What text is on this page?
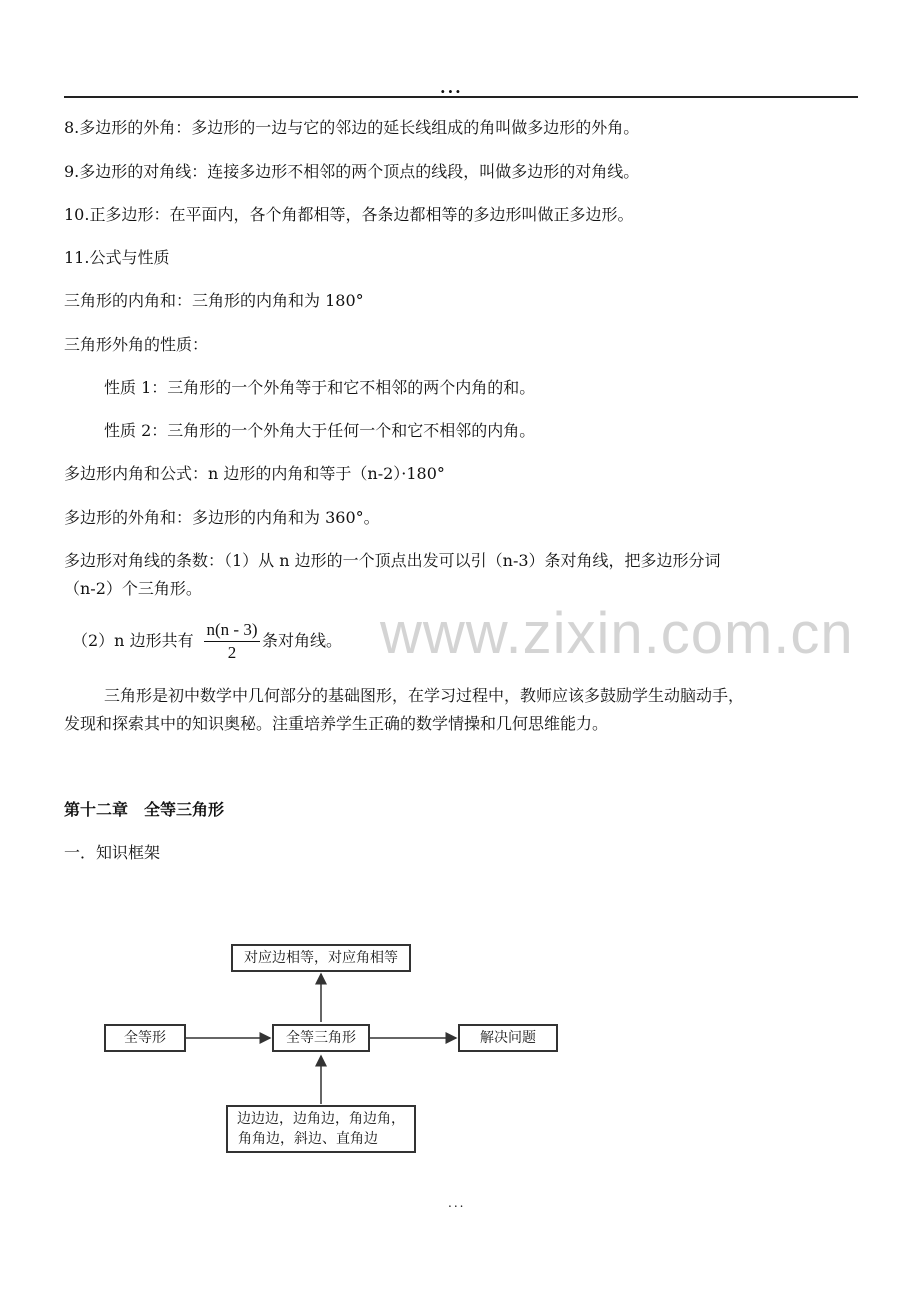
...
www.zixin.com.cn
8.多边形的外角：多边形的一边与它的邻边的延长线组成的角叫做多边形的外角。
9.多边形的对角线：连接多边形不相邻的两个顶点的线段，叫做多边形的对角线。
10.正多边形：在平面内，各个角都相等，各条边都相等的多边形叫做正多边形。
11.公式与性质
三角形的内角和：三角形的内角和为 180°
三角形外角的性质：
性质 1：三角形的一个外角等于和它不相邻的两个内角的和。
性质 2：三角形的一个外角大于任何一个和它不相邻的内角。
多边形内角和公式：n 边形的内角和等于（n-2）·180°
多边形的外角和：多边形的内角和为 360°。
多边形对角线的条数：（1）从 n 边形的一个顶点出发可以引（n-3）条对角线，把多边形分词
（n-2）个三角形。
（2）n 边形共有
n(n - 3)
2
条对角线。
三角形是初中数学中几何部分的基础图形，在学习过程中，教师应该多鼓励学生动脑动手，
发现和探索其中的知识奥秘。注重培养学生正确的数学情操和几何思维能力。
第十二章　全等三角形
一．知识框架
对应边相等，对应角相等
全等形	全等三角形	解决问题
边边边，边角边，角边角，
角角边，斜边、直角边
...
